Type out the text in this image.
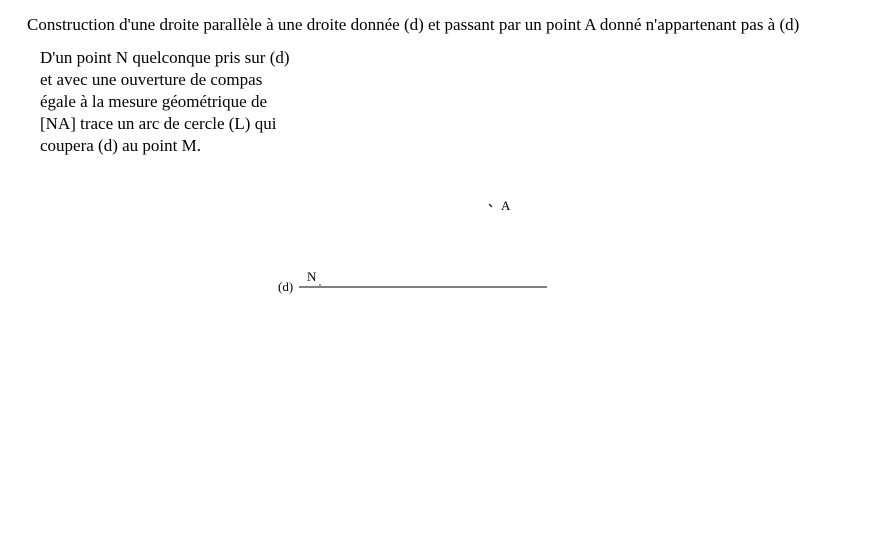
Construction d'une droite parallèle à une droite donnée (d) et passant par un point A donné n'appartenant pas à (d)
D'un point N quelconque pris sur (d)
et avec une ouverture de compas
égale à la mesure géométrique de
[NA] trace un arc de cercle (L) qui
coupera (d) au point M.
A
(d)
N
